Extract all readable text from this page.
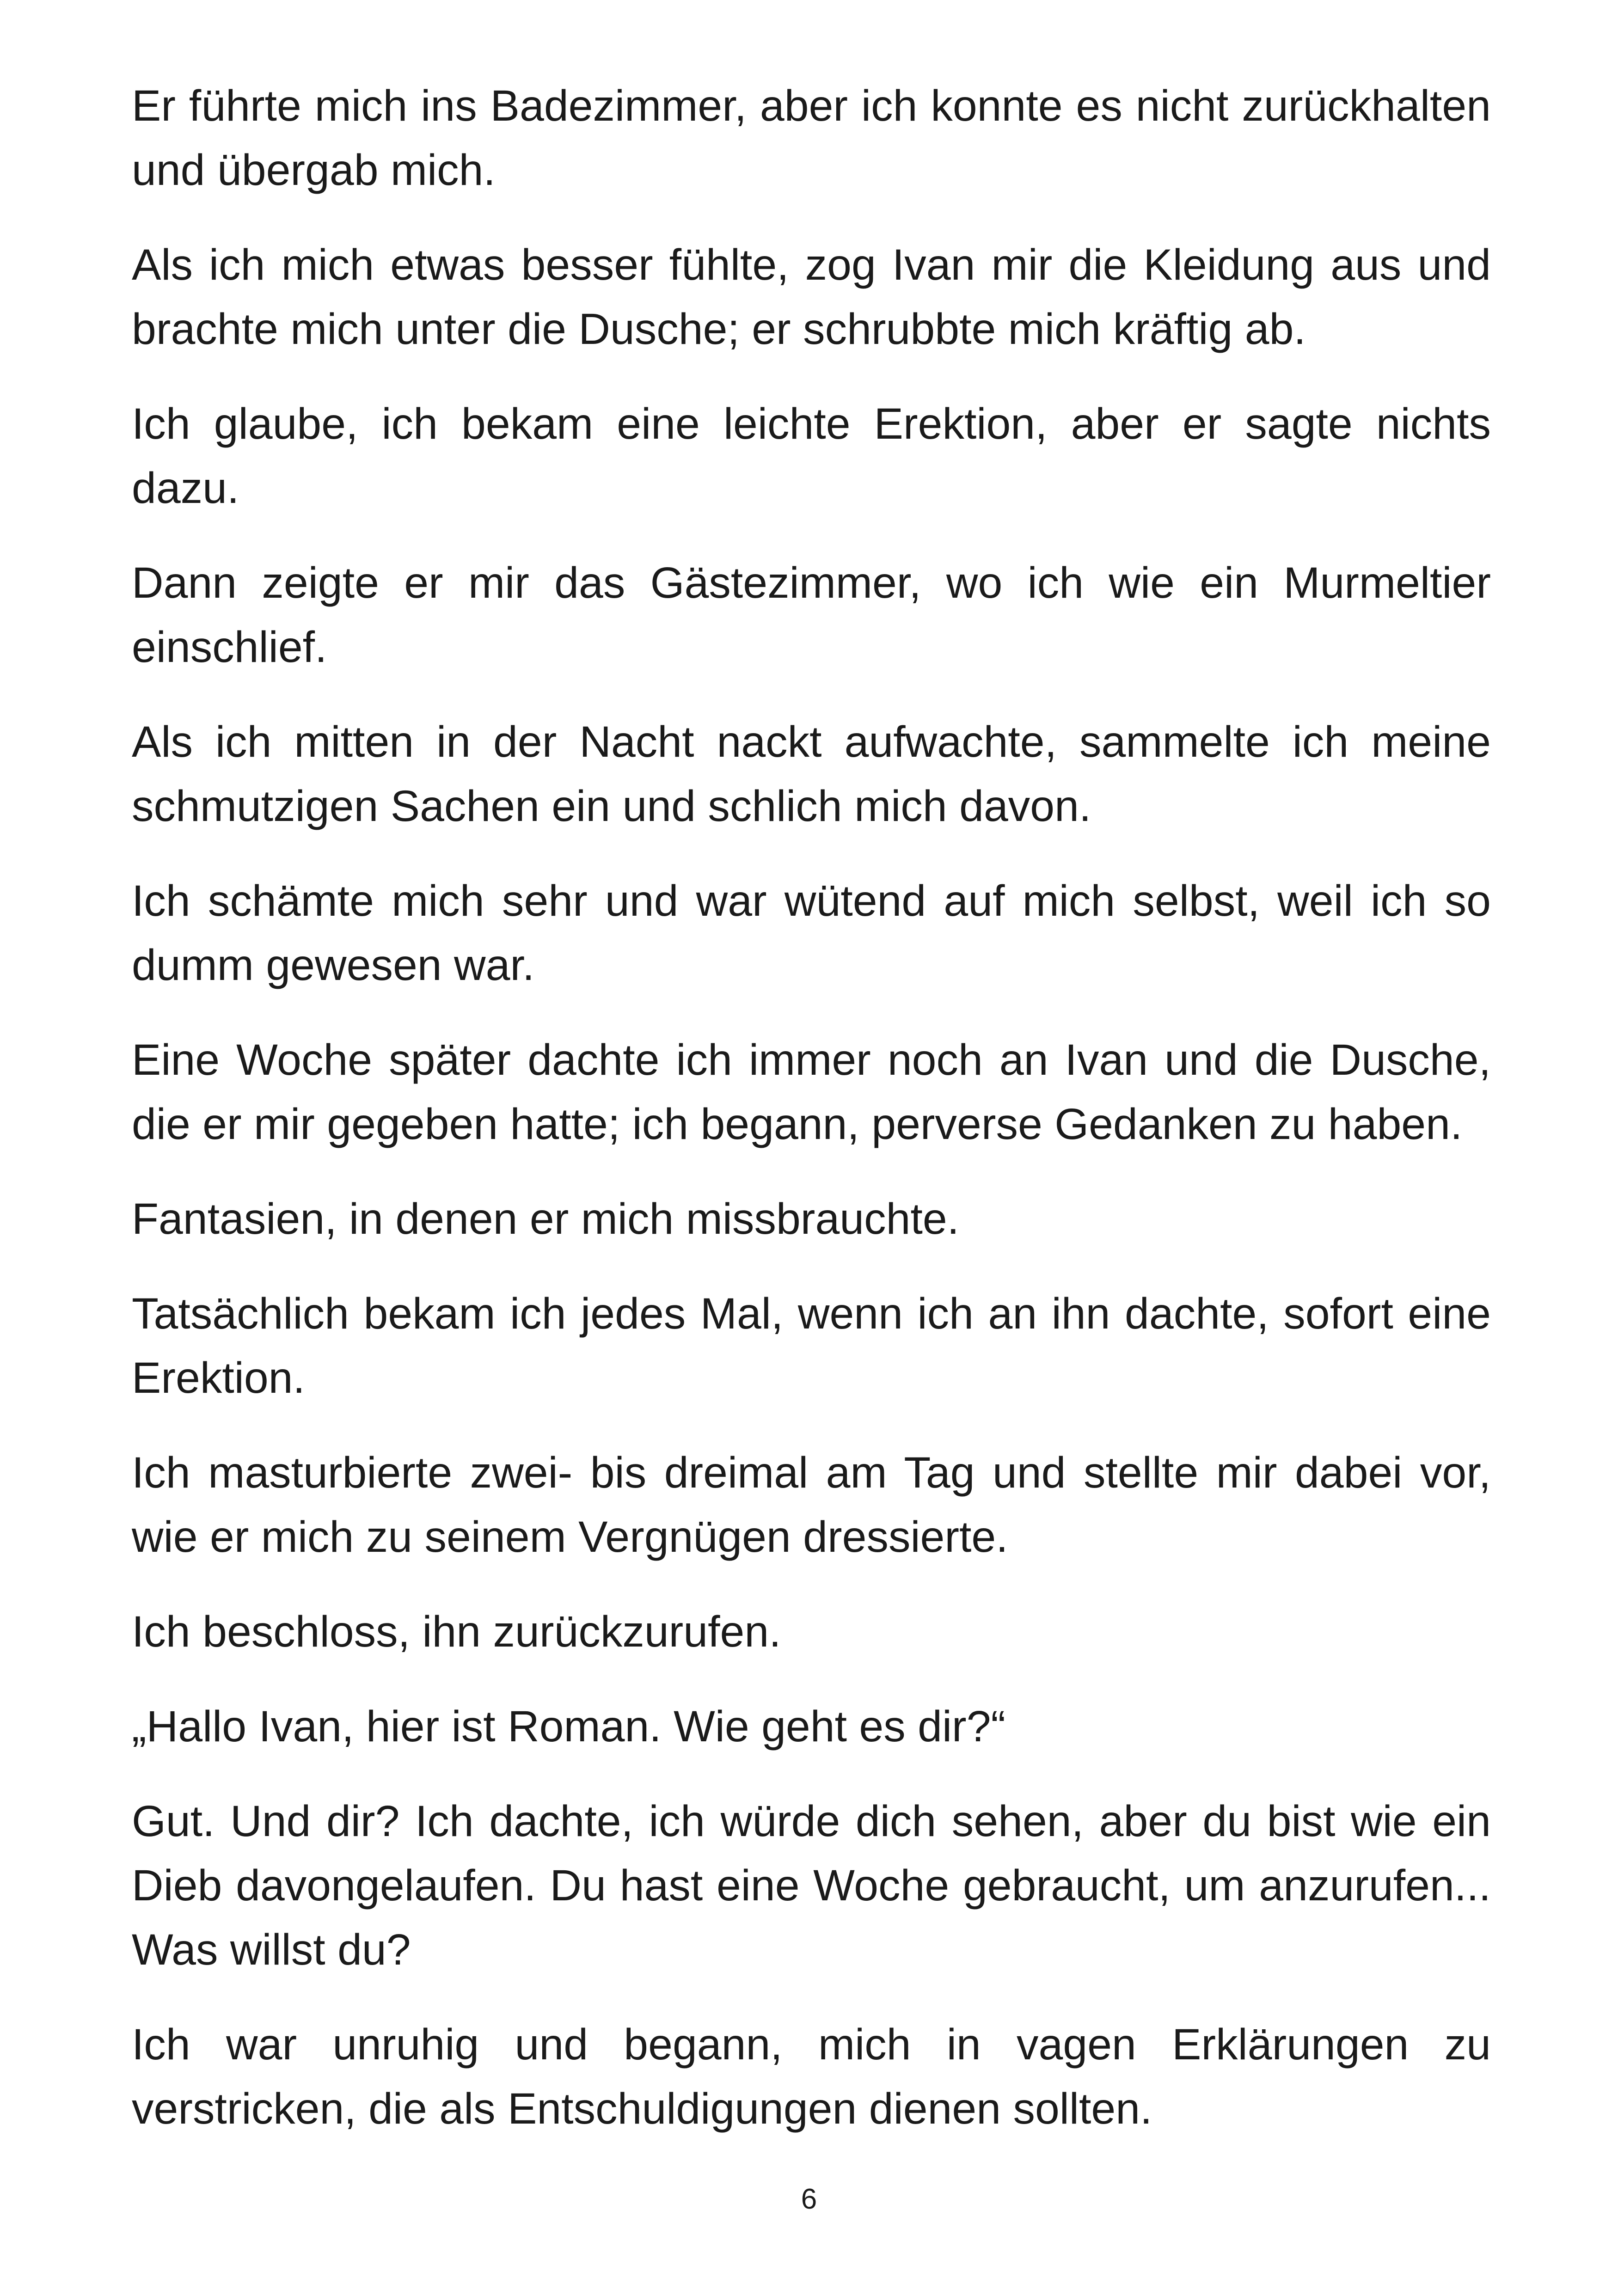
Er führte mich ins Badezimmer, aber ich konnte es nicht zurückhalten und übergab mich.

Als ich mich etwas besser fühlte, zog Ivan mir die Kleidung aus und brachte mich unter die Dusche; er schrubbte mich kräftig ab.

Ich glaube, ich bekam eine leichte Erektion, aber er sagte nichts dazu.

Dann zeigte er mir das Gästezimmer, wo ich wie ein Murmeltier einschlief.

Als ich mitten in der Nacht nackt aufwachte, sammelte ich meine schmutzigen Sachen ein und schlich mich davon.

Ich schämte mich sehr und war wütend auf mich selbst, weil ich so dumm gewesen war.

Eine Woche später dachte ich immer noch an Ivan und die Dusche, die er mir gegeben hatte; ich begann, perverse Gedanken zu haben.

Fantasien, in denen er mich missbrauchte.

Tatsächlich bekam ich jedes Mal, wenn ich an ihn dachte, sofort eine Erektion.

Ich masturbierte zwei- bis dreimal am Tag und stellte mir dabei vor, wie er mich zu seinem Vergnügen dressierte.

Ich beschloss, ihn zurückzurufen.

„Hallo Ivan, hier ist Roman. Wie geht es dir?“

Gut. Und dir? Ich dachte, ich würde dich sehen, aber du bist wie ein Dieb davongelaufen. Du hast eine Woche gebraucht, um anzurufen... Was willst du?

Ich war unruhig und begann, mich in vagen Erklärungen zu verstricken, die als Entschuldigungen dienen sollten.

6
